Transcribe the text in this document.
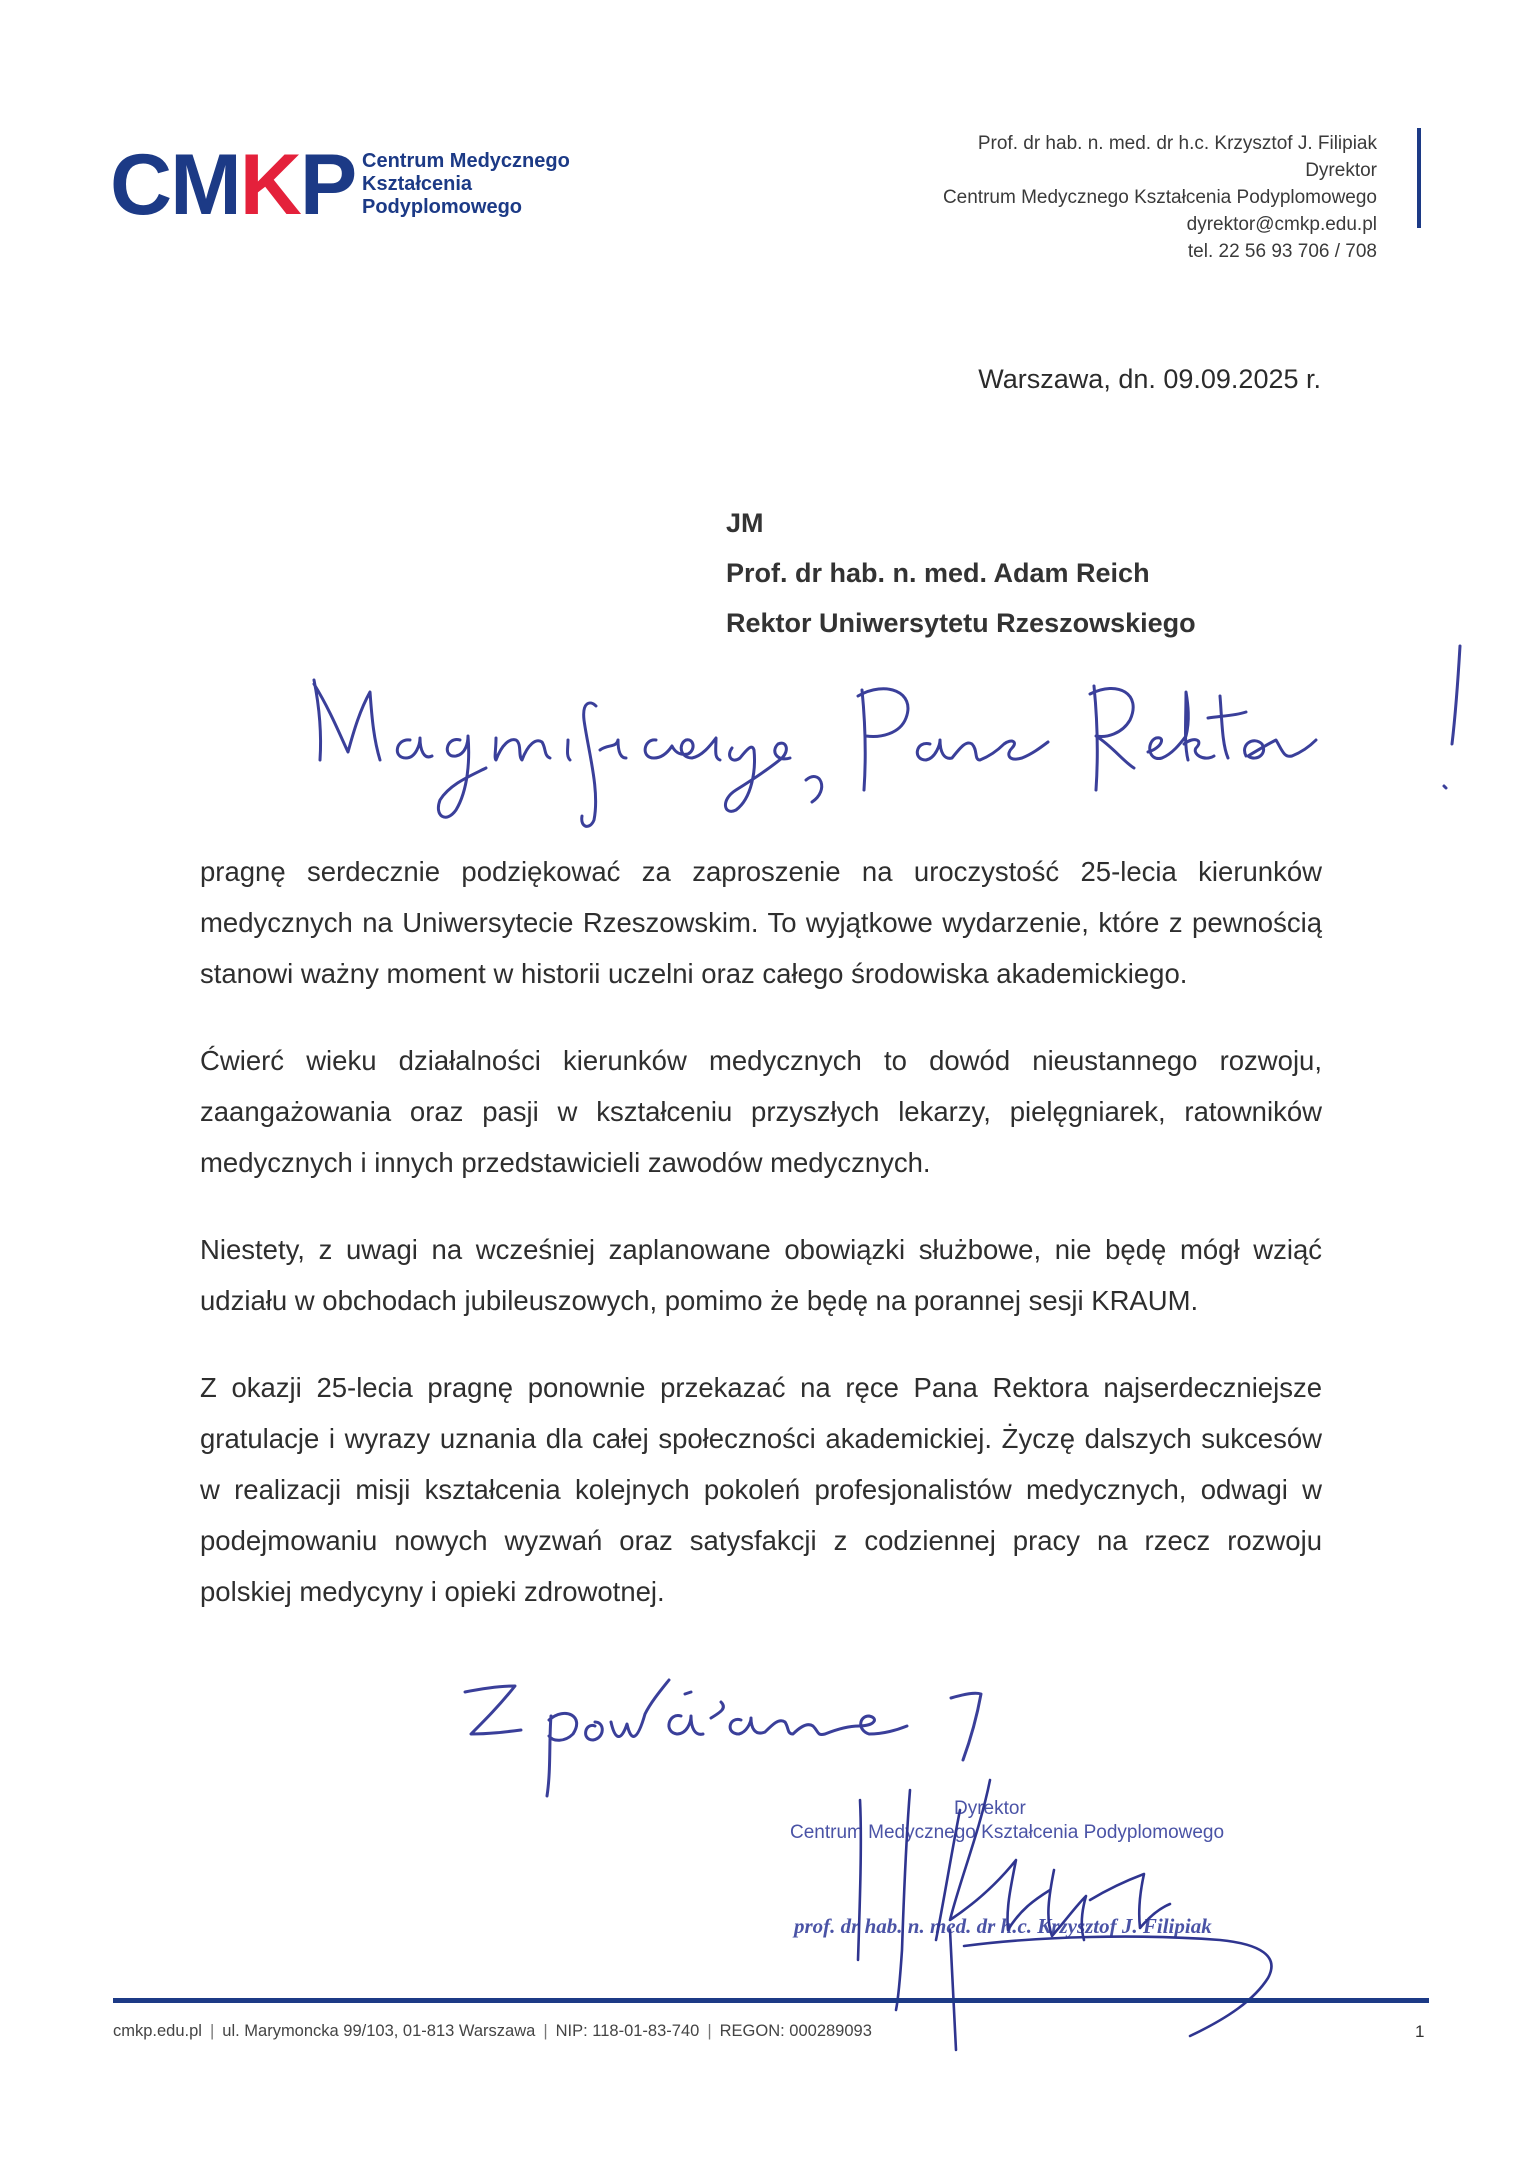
CMKP Centrum Medycznego
Kształcenia
Podyplomowego
Prof. dr hab. n. med. dr h.c. Krzysztof J. Filipiak
Dyrektor
Centrum Medycznego Kształcenia Podyplomowego
dyrektor@cmkp.edu.pl
tel. 22 56 93 706 / 708
Warszawa, dn. 09.09.2025 r.
JM
Prof. dr hab. n. med. Adam Reich
Rektor Uniwersytetu Rzeszowskiego

pragnę serdecznie podziękować za zaproszenie na uroczystość 25-lecia kierunków medycznych na Uniwersytecie Rzeszowskim. To wyjątkowe wydarzenie, które z pewnością stanowi ważny moment w historii uczelni oraz całego środowiska akademickiego.

Ćwierć wieku działalności kierunków medycznych to dowód nieustannego rozwoju, zaangażowania oraz pasji w kształceniu przyszłych lekarzy, pielęgniarek, ratowników medycznych i innych przedstawicieli zawodów medycznych.

Niestety, z uwagi na wcześniej zaplanowane obowiązki służbowe, nie będę mógł wziąć udziału w obchodach jubileuszowych, pomimo że będę na porannej sesji KRAUM.

Z okazji 25-lecia pragnę ponownie przekazać na ręce Pana Rektora najserdeczniejsze gratulacje i wyrazy uznania dla całej społeczności akademickiej. Życzę dalszych sukcesów w realizacji misji kształcenia kolejnych pokoleń profesjonalistów medycznych, odwagi w podejmowaniu nowych wyzwań oraz satysfakcji z codziennej pracy na rzecz rozwoju polskiej medycyny i opieki zdrowotnej.

Dyrektor
Centrum Medycznego Kształcenia Podyplomowego
prof. dr hab. n. med. dr h.c. Krzysztof J. Filipiak
cmkp.edu.pl | ul. Marymoncka 99/103, 01-813 Warszawa | NIP: 118-01-83-740 | REGON: 000289093	1
